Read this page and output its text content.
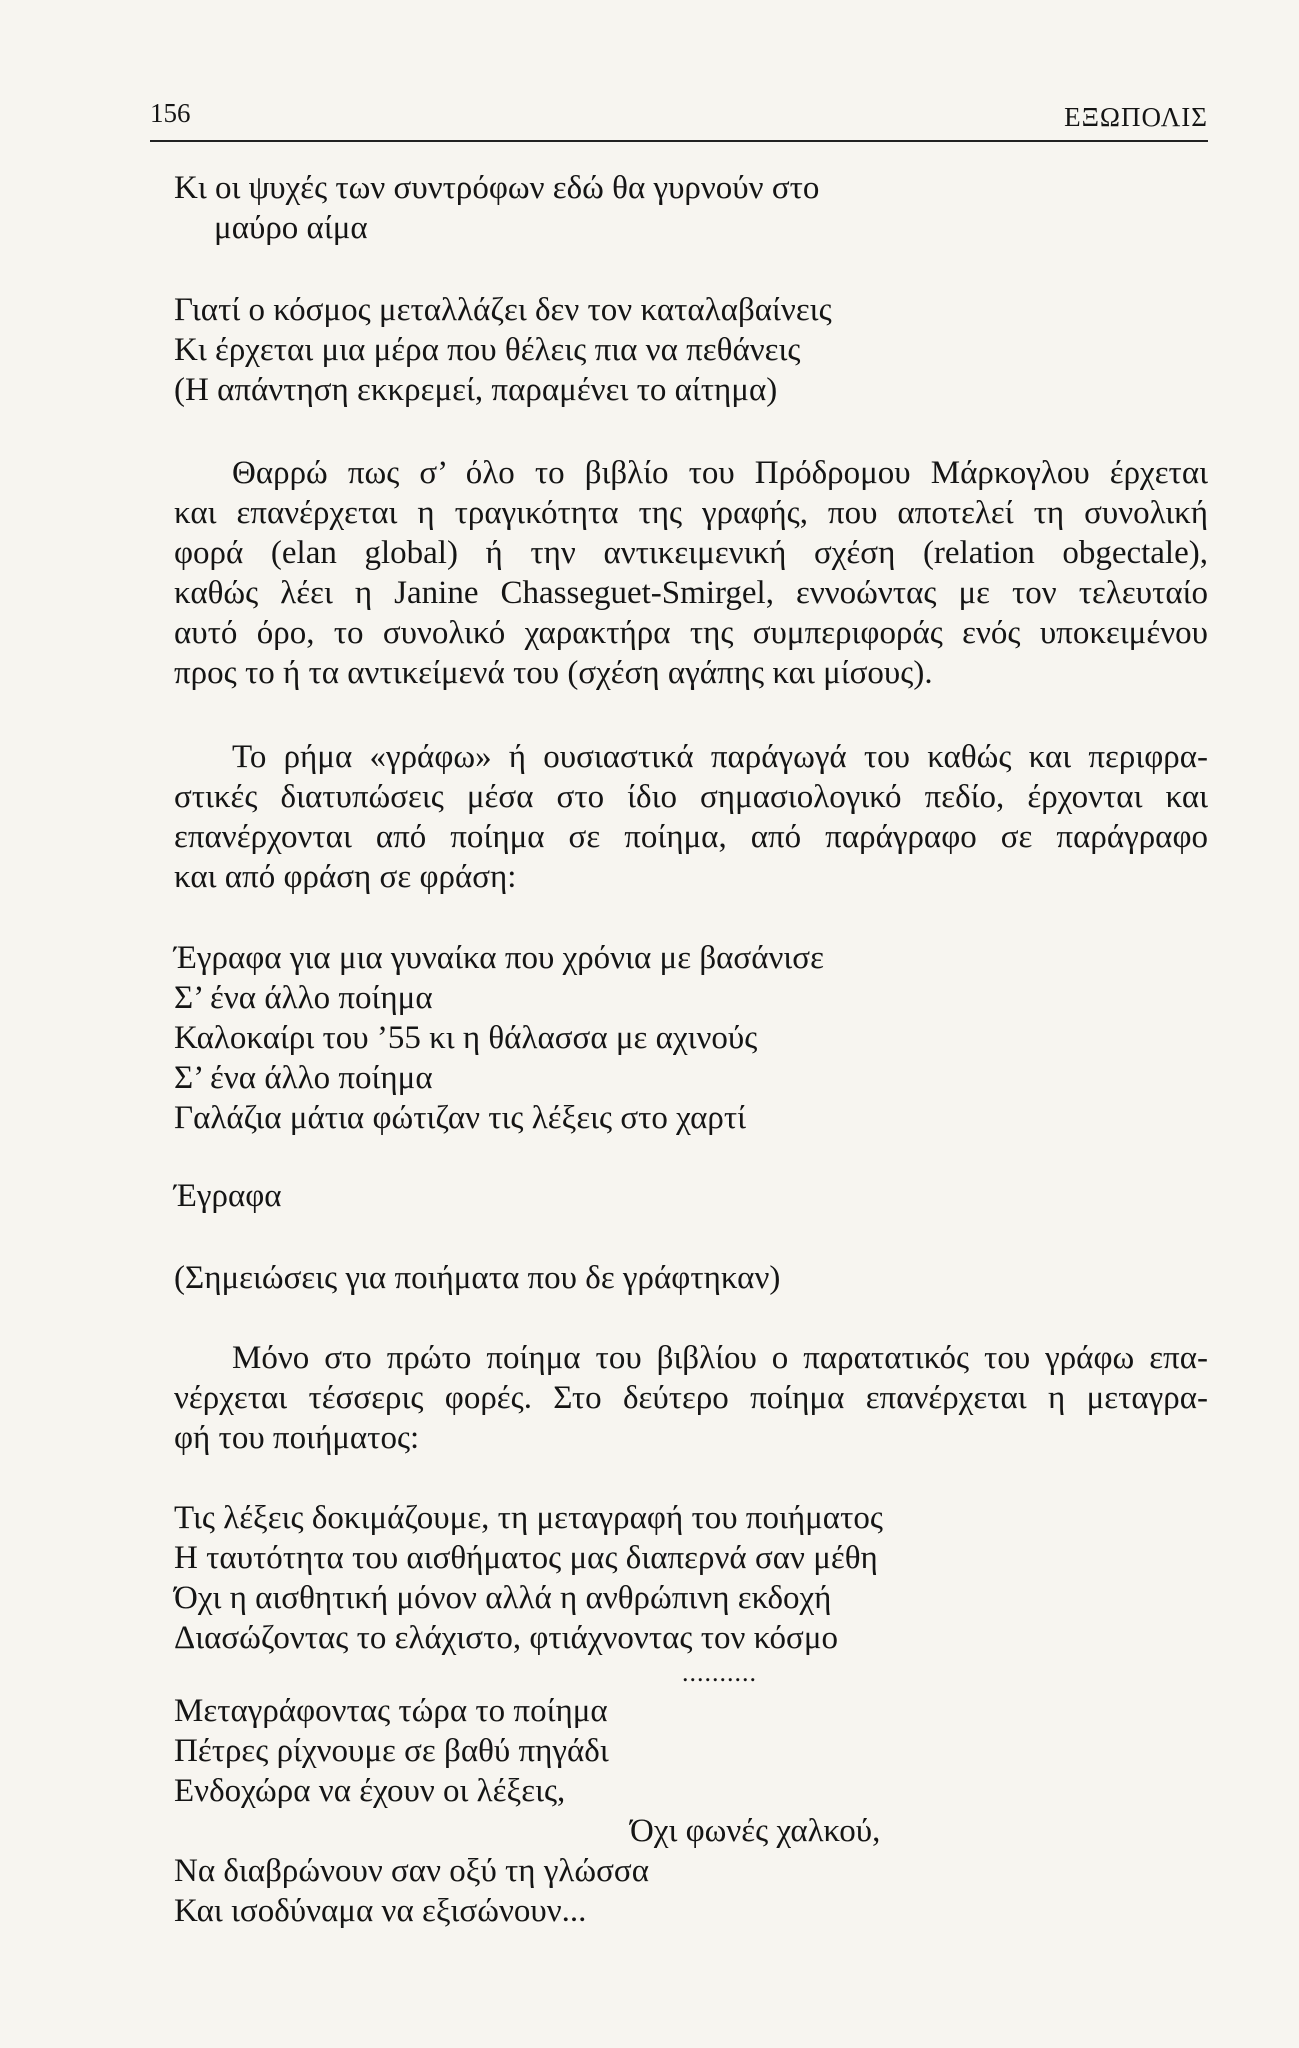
156	ΕΞΩΠΟΛΙΣ
Κι οι ψυχές των συντρόφων εδώ θα γυρνούν στο
μαύρο αίμα
Γιατί ο κόσμος μεταλλάζει δεν τον καταλαβαίνεις
Κι έρχεται μια μέρα που θέλεις πια να πεθάνεις
(Η απάντηση εκκρεμεί, παραμένει το αίτημα)
Θαρρώ πως σ’ όλο το βιβλίο του Πρόδρομου Μάρκογλου έρχεται
και επανέρχεται η τραγικότητα της γραφής, που αποτελεί τη συνολική
φορά (elan global) ή την αντικειμενική σχέση (relation obgectale),
καθώς λέει η Janine Chasseguet-Smirgel, εννοώντας με τον τελευταίο
αυτό όρο, το συνολικό χαρακτήρα της συμπεριφοράς ενός υποκειμένου
προς το ή τα αντικείμενά του (σχέση αγάπης και μίσους).
Το ρήμα «γράφω» ή ουσιαστικά παράγωγά του καθώς και περιφρα-
στικές διατυπώσεις μέσα στο ίδιο σημασιολογικό πεδίο, έρχονται και
επανέρχονται από ποίημα σε ποίημα, από παράγραφο σε παράγραφο
και από φράση σε φράση:
Έγραφα για μια γυναίκα που χρόνια με βασάνισε
Σ’ ένα άλλο ποίημα
Καλοκαίρι του ’55 κι η θάλασσα με αχινούς
Σ’ ένα άλλο ποίημα
Γαλάζια μάτια φώτιζαν τις λέξεις στο χαρτί
Έγραφα
(Σημειώσεις για ποιήματα που δε γράφτηκαν)
Μόνο στο πρώτο ποίημα του βιβλίου ο παρατατικός του γράφω επα-
νέρχεται τέσσερις φορές. Στο δεύτερο ποίημα επανέρχεται η μεταγρα-
φή του ποιήματος:
Τις λέξεις δοκιμάζουμε, τη μεταγραφή του ποιήματος
Η ταυτότητα του αισθήματος μας διαπερνά σαν μέθη
Όχι η αισθητική μόνον αλλά η ανθρώπινη εκδοχή
Διασώζοντας το ελάχιστο, φτιάχνοντας τον κόσμο
..........
Μεταγράφοντας τώρα το ποίημα
Πέτρες ρίχνουμε σε βαθύ πηγάδι
Ενδοχώρα να έχουν οι λέξεις,
Όχι φωνές χαλκού,
Να διαβρώνουν σαν οξύ τη γλώσσα
Και ισοδύναμα να εξισώνουν...
